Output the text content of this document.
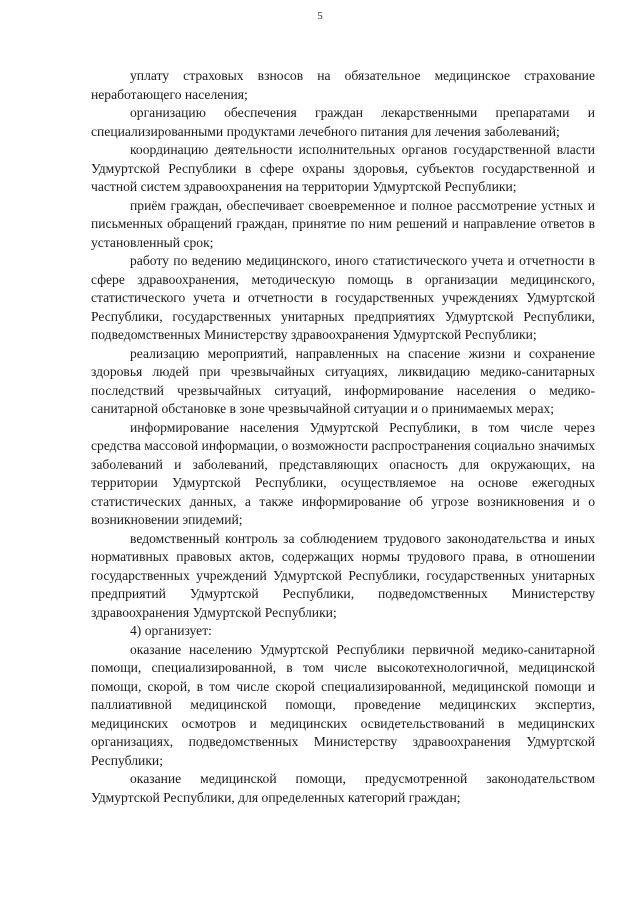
5

уплату страховых взносов на обязательное медицинское страхование неработающего населения;

организацию обеспечения граждан лекарственными препаратами и специализированными продуктами лечебного питания для лечения заболеваний;

координацию деятельности исполнительных органов государственной власти Удмуртской Республики в сфере охраны здоровья, субъектов государственной и частной систем здравоохранения на территории Удмуртской Республики;

приём граждан, обеспечивает своевременное и полное рассмотрение устных и письменных обращений граждан, принятие по ним решений и направление ответов в установленный срок;

работу по ведению медицинского, иного статистического учета и отчетности в сфере здравоохранения, методическую помощь в организации медицинского, статистического учета и отчетности в государственных учреждениях Удмуртской Республики, государственных унитарных предприятиях Удмуртской Республики, подведомственных Министерству здравоохранения Удмуртской Республики;

реализацию мероприятий, направленных на спасение жизни и сохранение здоровья людей при чрезвычайных ситуациях, ликвидацию медико-санитарных последствий чрезвычайных ситуаций, информирование населения о медико-санитарной обстановке в зоне чрезвычайной ситуации и о принимаемых мерах;

информирование населения Удмуртской Республики, в том числе через средства массовой информации, о возможности распространения социально значимых заболеваний и заболеваний, представляющих опасность для окружающих, на территории Удмуртской Республики, осуществляемое на основе ежегодных статистических данных, а также информирование об угрозе возникновения и о возникновении эпидемий;

ведомственный контроль за соблюдением трудового законодательства и иных нормативных правовых актов, содержащих нормы трудового права, в отношении государственных учреждений Удмуртской Республики, государственных унитарных предприятий Удмуртской Республики, подведомственных Министерству здравоохранения Удмуртской Республики;

4) организует:

оказание населению Удмуртской Республики первичной медико-санитарной помощи, специализированной, в том числе высокотехнологичной, медицинской помощи, скорой, в том числе скорой специализированной, медицинской помощи и паллиативной медицинской помощи, проведение медицинских экспертиз, медицинских осмотров и медицинских освидетельствований в медицинских организациях, подведомственных Министерству здравоохранения Удмуртской Республики;

оказание медицинской помощи, предусмотренной законодательством Удмуртской Республики, для определенных категорий граждан;
